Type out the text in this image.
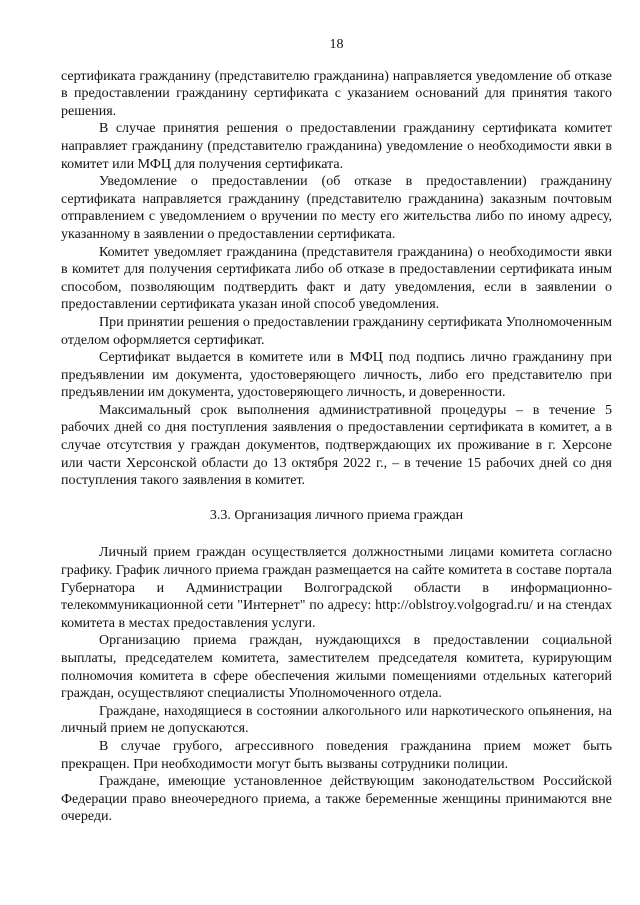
18

сертификата гражданину (представителю гражданина) направляется уведомление об отказе в предоставлении гражданину сертификата с указанием оснований для принятия такого решения.

В случае принятия решения о предоставлении гражданину сертификата комитет направляет гражданину (представителю гражданина) уведомление о необходимости явки в комитет или МФЦ для получения сертификата.

Уведомление о предоставлении (об отказе в предоставлении) гражданину сертификата направляется гражданину (представителю гражданина) заказным почтовым отправлением с уведомлением о вручении по месту его жительства либо по иному адресу, указанному в заявлении о предоставлении сертификата.

Комитет уведомляет гражданина (представителя гражданина) о необходимости явки в комитет для получения сертификата либо об отказе в предоставлении сертификата иным способом, позволяющим подтвердить факт и дату уведомления, если в заявлении о предоставлении сертификата указан иной способ уведомления.

При принятии решения о предоставлении гражданину сертификата Уполномоченным отделом оформляется сертификат.

Сертификат выдается в комитете или в МФЦ под подпись лично гражданину при предъявлении им документа, удостоверяющего личность, либо его представителю при предъявлении им документа, удостоверяющего личность, и доверенности.

Максимальный срок выполнения административной процедуры – в течение 5 рабочих дней со дня поступления заявления о предоставлении сертификата в комитет, а в случае отсутствия у граждан документов, подтверждающих их проживание в г. Херсоне или части Херсонской области до 13 октября 2022 г., – в течение 15 рабочих дней со дня поступления такого заявления в комитет.

3.3. Организация личного приема граждан

Личный прием граждан осуществляется должностными лицами комитета согласно графику. График личного приема граждан размещается на сайте комитета в составе портала Губернатора и Администрации Волгоградской области в информационно-телекоммуникационной сети "Интернет" по адресу: http://oblstroy.volgograd.ru/ и на стендах комитета в местах предоставления услуги.

Организацию приема граждан, нуждающихся в предоставлении социальной выплаты, председателем комитета, заместителем председателя комитета, курирующим полномочия комитета в сфере обеспечения жилыми помещениями отдельных категорий граждан, осуществляют специалисты Уполномоченного отдела.

Граждане, находящиеся в состоянии алкогольного или наркотического опьянения, на личный прием не допускаются.

В случае грубого, агрессивного поведения гражданина прием может быть прекращен. При необходимости могут быть вызваны сотрудники полиции.

Граждане, имеющие установленное действующим законодательством Российской Федерации право внеочередного приема, а также беременные женщины принимаются вне очереди.
